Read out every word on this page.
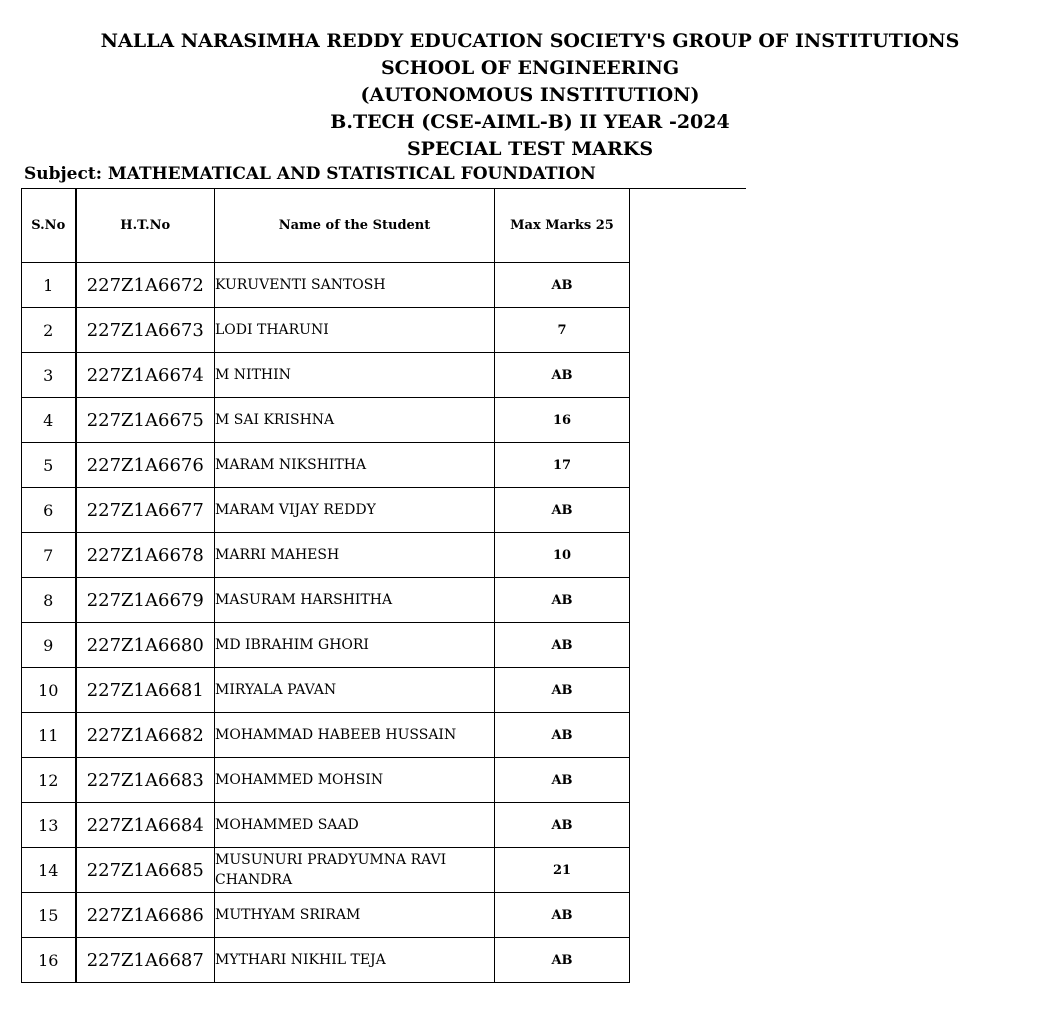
NALLA NARASIMHA REDDY EDUCATION SOCIETY'S GROUP OF INSTITUTIONS
SCHOOL OF ENGINEERING
(AUTONOMOUS INSTITUTION)
B.TECH (CSE-AIML-B) II YEAR -2024
SPECIAL TEST MARKS
Subject: MATHEMATICAL AND STATISTICAL FOUNDATION
S.No	H.T.No	Name of the Student	Max Marks 25
1	227Z1A6672	KURUVENTI SANTOSH	AB
2	227Z1A6673	LODI THARUNI	7
3	227Z1A6674	M NITHIN	AB
4	227Z1A6675	M SAI KRISHNA	16
5	227Z1A6676	MARAM NIKSHITHA	17
6	227Z1A6677	MARAM VIJAY REDDY	AB
7	227Z1A6678	MARRI MAHESH	10
8	227Z1A6679	MASURAM HARSHITHA	AB
9	227Z1A6680	MD IBRAHIM GHORI	AB
10	227Z1A6681	MIRYALA PAVAN	AB
11	227Z1A6682	MOHAMMAD HABEEB HUSSAIN	AB
12	227Z1A6683	MOHAMMED MOHSIN	AB
13	227Z1A6684	MOHAMMED SAAD	AB
14	227Z1A6685	MUSUNURI PRADYUMNA RAVI CHANDRA	21
15	227Z1A6686	MUTHYAM SRIRAM	AB
16	227Z1A6687	MYTHARI NIKHIL TEJA	AB
